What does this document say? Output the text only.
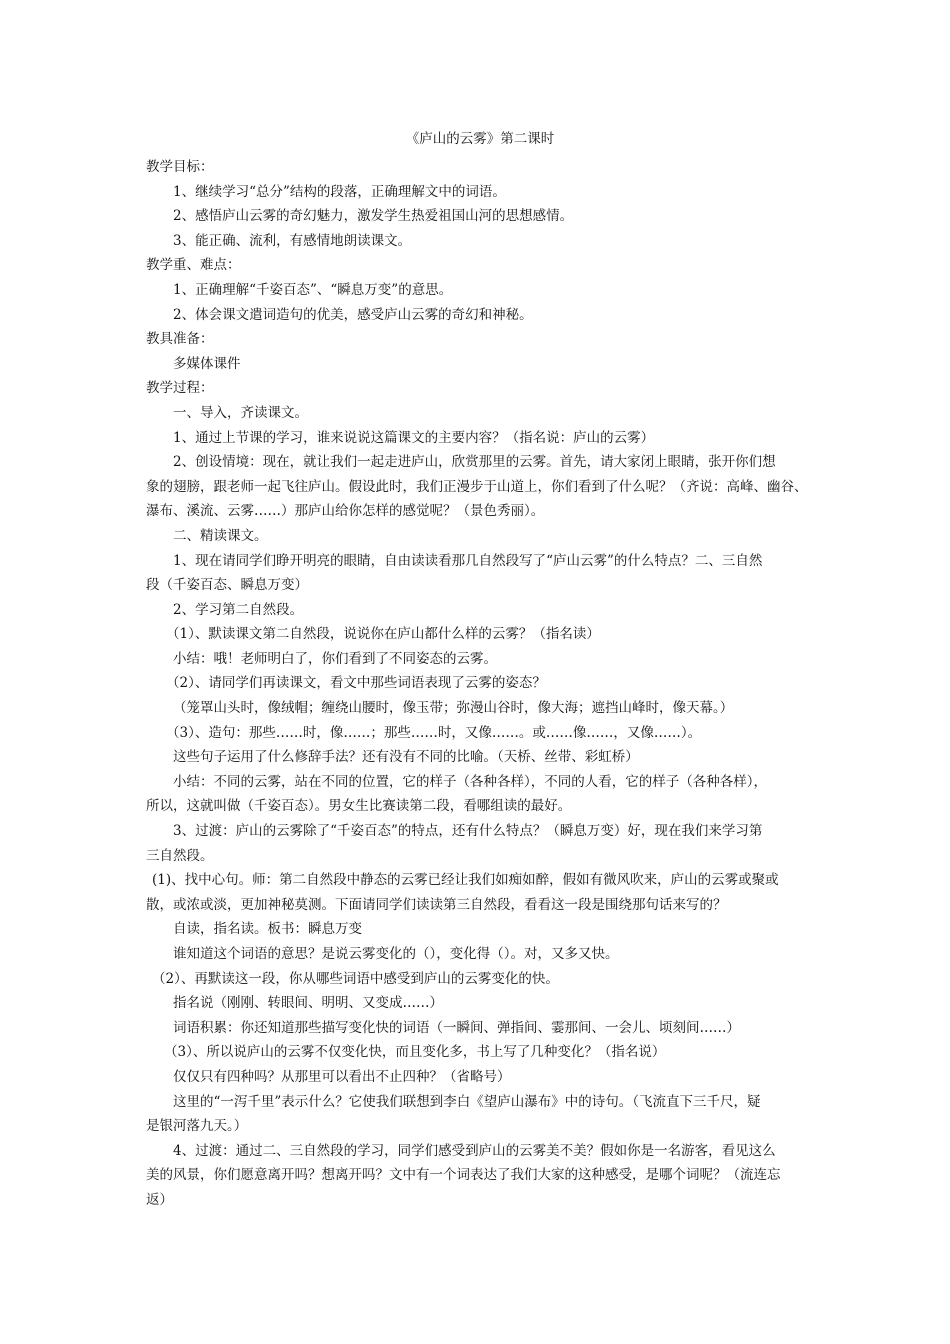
《庐山的云雾》第二课时

教学目标：

1、继续学习“总分”结构的段落，正确理解文中的词语。

2、感悟庐山云雾的奇幻魅力，激发学生热爱祖国山河的思想感情。

3、能正确、流利，有感情地朗读课文。

教学重、难点：

1、正确理解“千姿百态”、“瞬息万变”的意思。

2、体会课文遣词造句的优美，感受庐山云雾的奇幻和神秘。

教具准备：

多媒体课件

教学过程：

一、导入，齐读课文。

1、通过上节课的学习，谁来说说这篇课文的主要内容？（指名说：庐山的云雾）

2、创设情境：现在，就让我们一起走进庐山，欣赏那里的云雾。首先，请大家闭上眼睛，张开你们想

象的翅膀，跟老师一起飞往庐山。假设此时，我们正漫步于山道上，你们看到了什么呢？（齐说：高峰、幽谷、

瀑布、溪流、云雾……）那庐山给你怎样的感觉呢？（景色秀丽）。

二、精读课文。

1、现在请同学们睁开明亮的眼睛，自由读读看那几自然段写了“庐山云雾”的什么特点？二、三自然

段（千姿百态、瞬息万变）

2、学习第二自然段。

（1）、默读课文第二自然段，说说你在庐山都什么样的云雾？（指名读）

小结：哦！老师明白了，你们看到了不同姿态的云雾。

（2）、请同学们再读课文，看文中那些词语表现了云雾的姿态？

（笼罩山头时，像绒帽；缠绕山腰时，像玉带；弥漫山谷时，像大海；遮挡山峰时，像天幕。）

（3）、造句：那些……时，像……；那些……时，又像……。或……像……，又像……）。

这些句子运用了什么修辞手法？还有没有不同的比喻。（天桥、丝带、彩虹桥）

小结：不同的云雾，站在不同的位置，它的样子（各种各样），不同的人看，它的样子（各种各样），

所以，这就叫做（千姿百态）。男女生比赛读第二段，看哪组读的最好。

3、过渡：庐山的云雾除了“千姿百态”的特点，还有什么特点？（瞬息万变）好，现在我们来学习第

三自然段。

(1)、找中心句。师：第二自然段中静态的云雾已经让我们如痴如醉，假如有微风吹来，庐山的云雾或聚或

散，或浓或淡，更加神秘莫测。下面请同学们读读第三自然段，看看这一段是围绕那句话来写的？

自读，指名读。板书：瞬息万变

谁知道这个词语的意思？是说云雾变化的（），变化得（）。对，又多又快。

（2）、再默读这一段，你从哪些词语中感受到庐山的云雾变化的快。

指名说（刚刚、转眼间、明明、又变成……）

词语积累：你还知道那些描写变化快的词语（一瞬间、弹指间、霎那间、一会儿、顷刻间……）

（3）、所以说庐山的云雾不仅变化快，而且变化多，书上写了几种变化？（指名说）

仅仅只有四种吗？从那里可以看出不止四种？（省略号）

这里的“一泻千里”表示什么？它使我们联想到李白《望庐山瀑布》中的诗句。（飞流直下三千尺，疑

是银河落九天。）

4、过渡：通过二、三自然段的学习，同学们感受到庐山的云雾美不美？假如你是一名游客，看见这么

美的风景，你们愿意离开吗？想离开吗？文中有一个词表达了我们大家的这种感受，是哪个词呢？（流连忘

返）
